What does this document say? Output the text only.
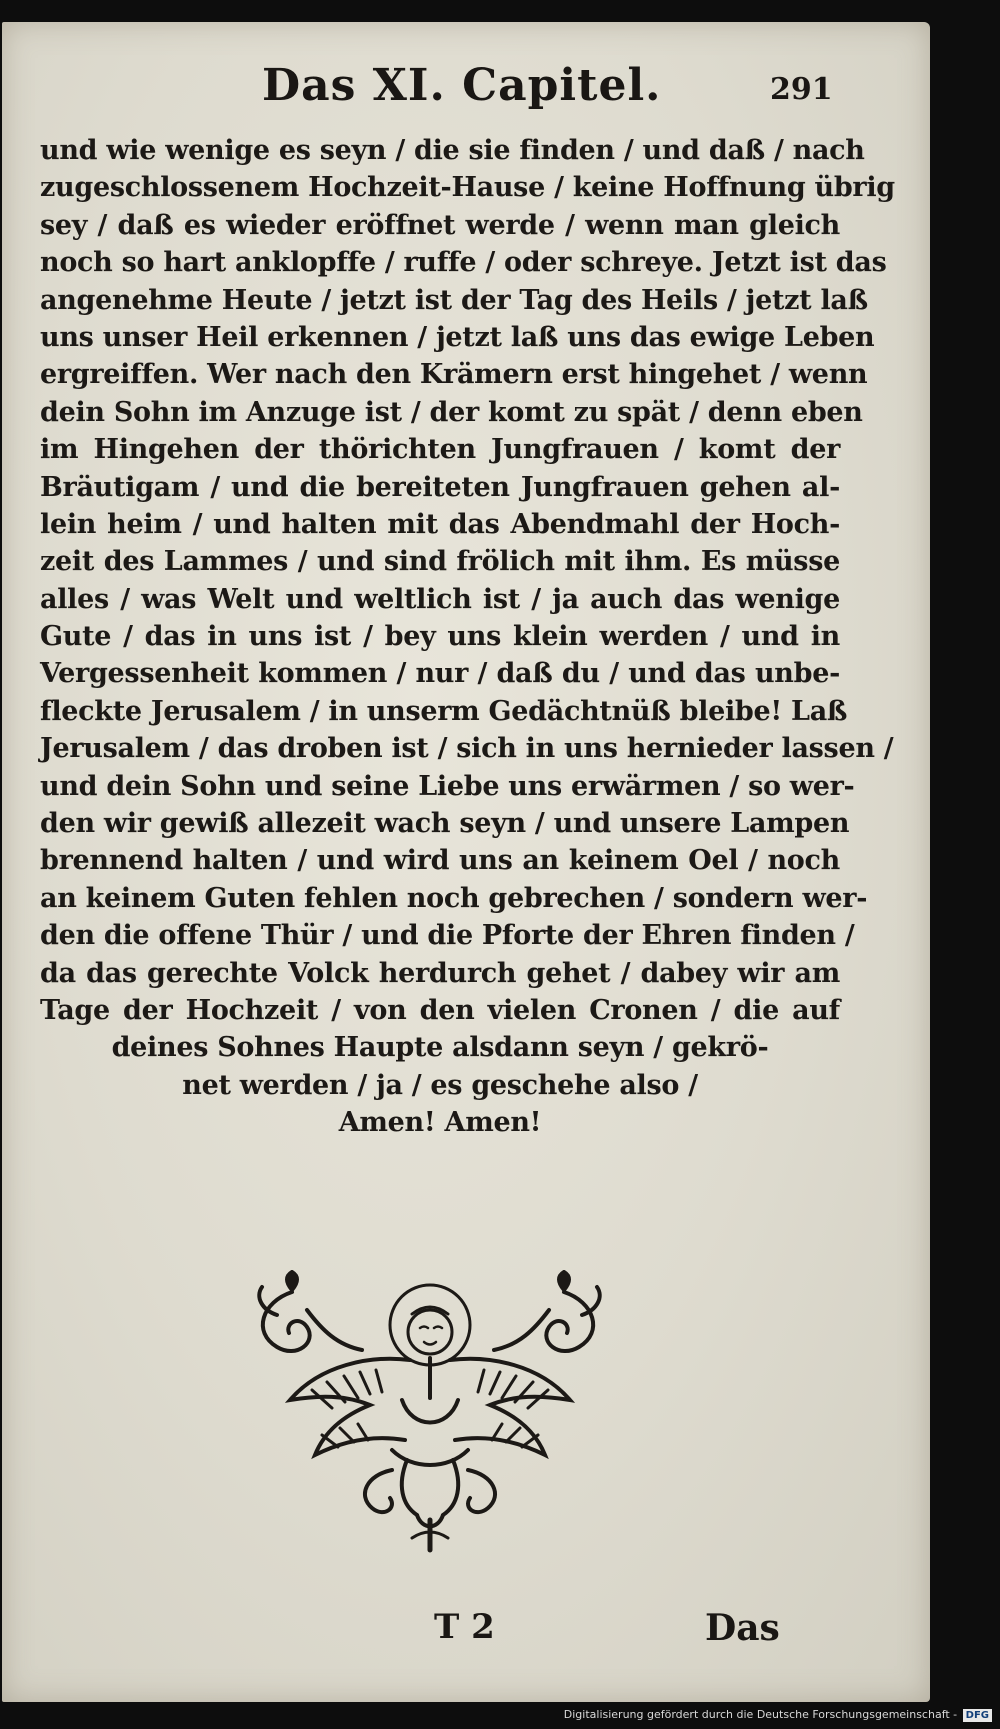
Das XI. Capitel.	291
und wie wenige es seyn / die sie finden / und daß / nach
zugeschlossenem Hochzeit-Hause / keine Hoffnung übrig
sey / daß es wieder eröffnet werde / wenn man gleich
noch so hart anklopffe / ruffe / oder schreye. Jetzt ist das
angenehme Heute / jetzt ist der Tag des Heils / jetzt laß
uns unser Heil erkennen / jetzt laß uns das ewige Leben
ergreiffen. Wer nach den Krämern erst hingehet / wenn
dein Sohn im Anzuge ist / der komt zu spät / denn eben
im Hingehen der thörichten Jungfrauen / komt der
Bräutigam / und die bereiteten Jungfrauen gehen al-
lein heim / und halten mit das Abendmahl der Hoch-
zeit des Lammes / und sind frölich mit ihm. Es müsse
alles / was Welt und weltlich ist / ja auch das wenige
Gute / das in uns ist / bey uns klein werden / und in
Vergessenheit kommen / nur / daß du / und das unbe-
fleckte Jerusalem / in unserm Gedächtnüß bleibe! Laß
Jerusalem / das droben ist / sich in uns hernieder lassen /
und dein Sohn und seine Liebe uns erwärmen / so wer-
den wir gewiß allezeit wach seyn / und unsere Lampen
brennend halten / und wird uns an keinem Oel / noch
an keinem Guten fehlen noch gebrechen / sondern wer-
den die offene Thür / und die Pforte der Ehren finden /
da das gerechte Volck herdurch gehet / dabey wir am
Tage der Hochzeit / von den vielen Cronen / die auf
deines Sohnes Haupte alsdann seyn / gekrö-
net werden / ja / es geschehe also /
Amen! Amen!
T 2	Das
Digitalisierung gefördert durch die Deutsche Forschungsgemeinschaft - DFG
